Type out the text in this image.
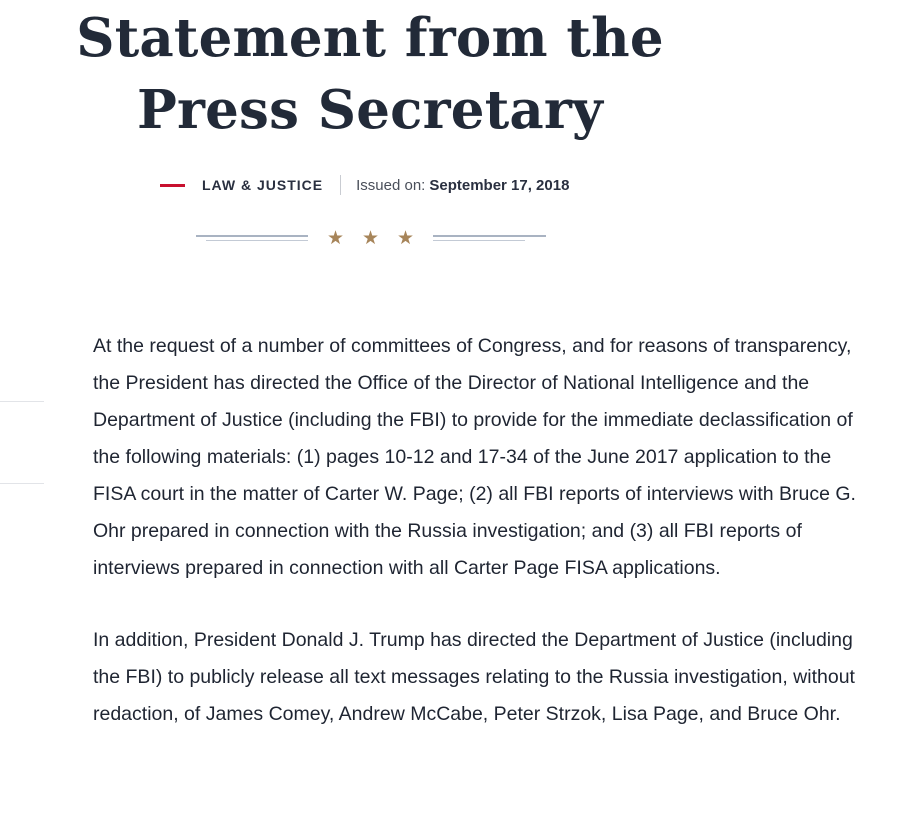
Statement from the Press Secretary
LAW & JUSTICE Issued on: September 17, 2018
★ ★ ★

At the request of a number of committees of Congress, and for reasons of transparency, the President has directed the Office of the Director of National Intelligence and the Department of Justice (including the FBI) to provide for the immediate declassification of the following materials: (1) pages 10-12 and 17-34 of the June 2017 application to the FISA court in the matter of Carter W. Page; (2) all FBI reports of interviews with Bruce G. Ohr prepared in connection with the Russia investigation; and (3) all FBI reports of interviews prepared in connection with all Carter Page FISA applications.

In addition, President Donald J. Trump has directed the Department of Justice (including the FBI) to publicly release all text messages relating to the Russia investigation, without redaction, of James Comey, Andrew McCabe, Peter Strzok, Lisa Page, and Bruce Ohr.
